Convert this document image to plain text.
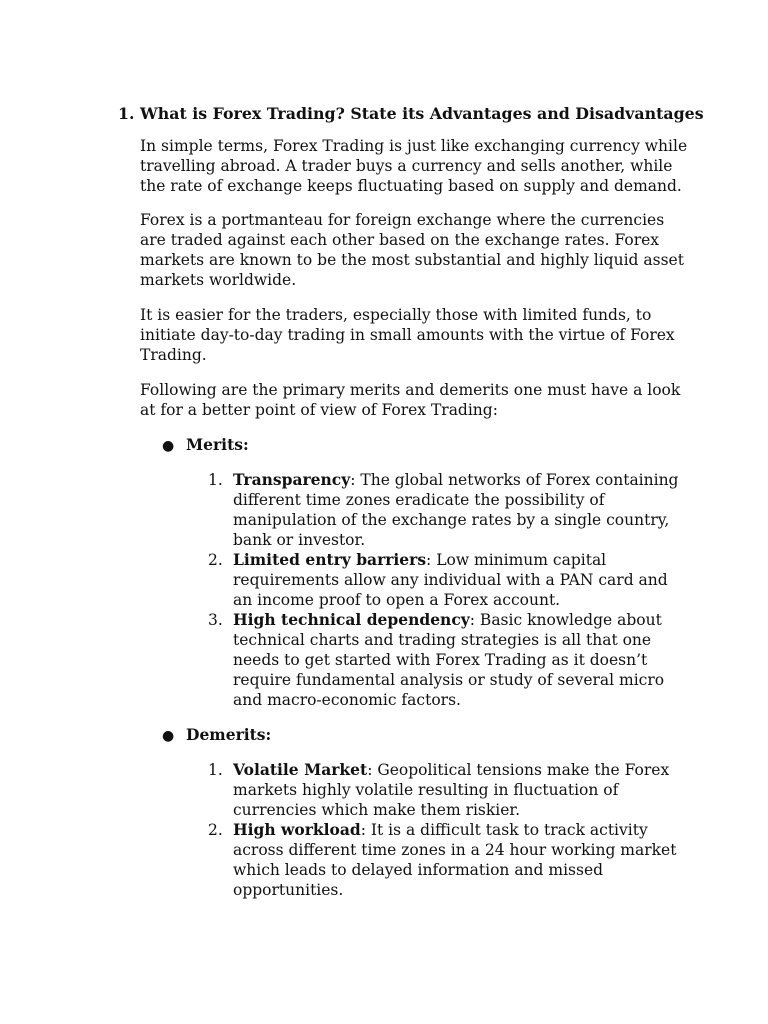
1. What is Forex Trading? State its Advantages and Disadvantages
In simple terms, Forex Trading is just like exchanging currency while
travelling abroad. A trader buys a currency and sells another, while
the rate of exchange keeps fluctuating based on supply and demand.
Forex is a portmanteau for foreign exchange where the currencies
are traded against each other based on the exchange rates. Forex
markets are known to be the most substantial and highly liquid asset
markets worldwide.
It is easier for the traders, especially those with limited funds, to
initiate day-to-day trading in small amounts with the virtue of Forex
Trading.
Following are the primary merits and demerits one must have a look
at for a better point of view of Forex Trading:
● Merits:
1. Transparency: The global networks of Forex containing
different time zones eradicate the possibility of
manipulation of the exchange rates by a single country,
bank or investor.
2. Limited entry barriers: Low minimum capital
requirements allow any individual with a PAN card and
an income proof to open a Forex account.
3. High technical dependency: Basic knowledge about
technical charts and trading strategies is all that one
needs to get started with Forex Trading as it doesn’t
require fundamental analysis or study of several micro
and macro-economic factors.
● Demerits:
1. Volatile Market: Geopolitical tensions make the Forex
markets highly volatile resulting in fluctuation of
currencies which make them riskier.
2. High workload: It is a difficult task to track activity
across different time zones in a 24 hour working market
which leads to delayed information and missed
opportunities.
